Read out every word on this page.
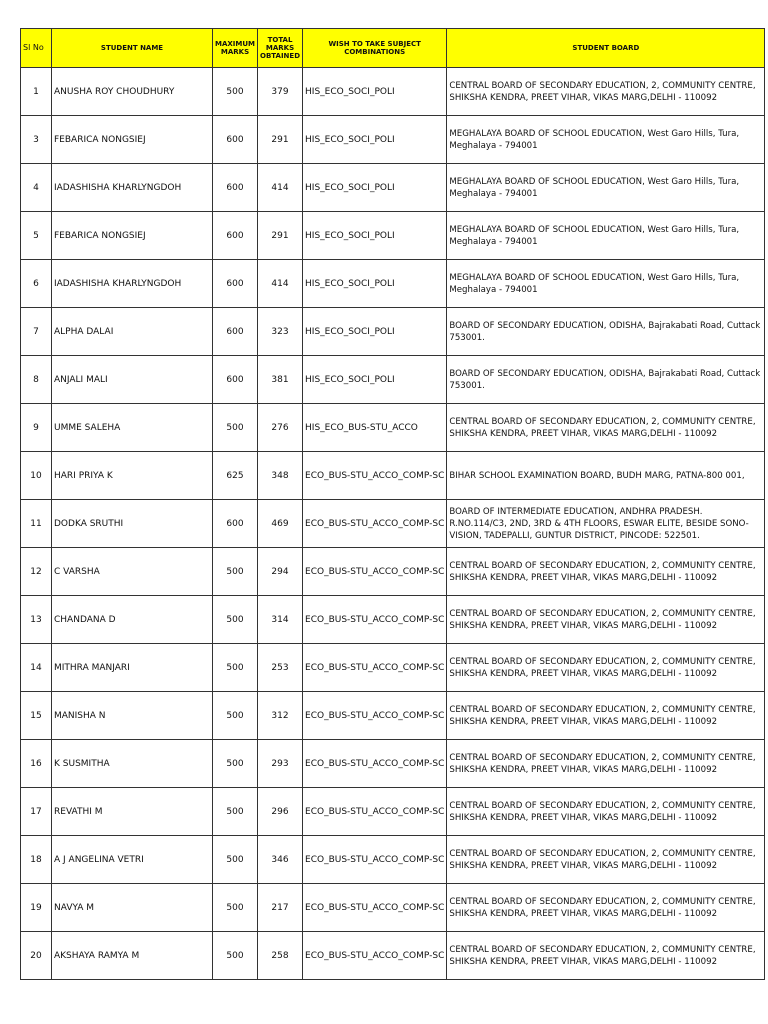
Sl No	STUDENT NAME	MAXIMUM MARKS	TOTAL MARKS OBTAINED	WISH TO TAKE SUBJECT COMBINATIONS	STUDENT BOARD
1	ANUSHA ROY CHOUDHURY	500	379	HIS_ECO_SOCI_POLI	CENTRAL BOARD OF SECONDARY EDUCATION, 2, COMMUNITY CENTRE, SHIKSHA KENDRA, PREET VIHAR, VIKAS MARG,DELHI - 110092
3	FEBARICA NONGSIEJ	600	291	HIS_ECO_SOCI_POLI	MEGHALAYA BOARD OF SCHOOL EDUCATION, West Garo Hills, Tura, Meghalaya - 794001
4	IADASHISHA KHARLYNGDOH	600	414	HIS_ECO_SOCI_POLI	MEGHALAYA BOARD OF SCHOOL EDUCATION, West Garo Hills, Tura, Meghalaya - 794001
5	FEBARICA NONGSIEJ	600	291	HIS_ECO_SOCI_POLI	MEGHALAYA BOARD OF SCHOOL EDUCATION, West Garo Hills, Tura, Meghalaya - 794001
6	IADASHISHA KHARLYNGDOH	600	414	HIS_ECO_SOCI_POLI	MEGHALAYA BOARD OF SCHOOL EDUCATION, West Garo Hills, Tura, Meghalaya - 794001
7	ALPHA DALAI	600	323	HIS_ECO_SOCI_POLI	BOARD OF SECONDARY EDUCATION, ODISHA, Bajrakabati Road, Cuttack 753001.
8	ANJALI MALI	600	381	HIS_ECO_SOCI_POLI	BOARD OF SECONDARY EDUCATION, ODISHA, Bajrakabati Road, Cuttack 753001.
9	UMME SALEHA	500	276	HIS_ECO_BUS-STU_ACCO	CENTRAL BOARD OF SECONDARY EDUCATION, 2, COMMUNITY CENTRE, SHIKSHA KENDRA, PREET VIHAR, VIKAS MARG,DELHI - 110092
10	HARI PRIYA K	625	348	ECO_BUS-STU_ACCO_COMP-SC	BIHAR SCHOOL EXAMINATION BOARD, BUDH MARG, PATNA-800 001,
11	DODKA SRUTHI	600	469	ECO_BUS-STU_ACCO_COMP-SC	BOARD OF INTERMEDIATE EDUCATION, ANDHRA PRADESH. R.NO.114/C3, 2ND, 3RD & 4TH FLOORS, ESWAR ELITE, BESIDE SONO-VISION, TADEPALLI, GUNTUR DISTRICT, PINCODE: 522501.
12	C VARSHA	500	294	ECO_BUS-STU_ACCO_COMP-SC	CENTRAL BOARD OF SECONDARY EDUCATION, 2, COMMUNITY CENTRE, SHIKSHA KENDRA, PREET VIHAR, VIKAS MARG,DELHI - 110092
13	CHANDANA D	500	314	ECO_BUS-STU_ACCO_COMP-SC	CENTRAL BOARD OF SECONDARY EDUCATION, 2, COMMUNITY CENTRE, SHIKSHA KENDRA, PREET VIHAR, VIKAS MARG,DELHI - 110092
14	MITHRA MANJARI	500	253	ECO_BUS-STU_ACCO_COMP-SC	CENTRAL BOARD OF SECONDARY EDUCATION, 2, COMMUNITY CENTRE, SHIKSHA KENDRA, PREET VIHAR, VIKAS MARG,DELHI - 110092
15	MANISHA N	500	312	ECO_BUS-STU_ACCO_COMP-SC	CENTRAL BOARD OF SECONDARY EDUCATION, 2, COMMUNITY CENTRE, SHIKSHA KENDRA, PREET VIHAR, VIKAS MARG,DELHI - 110092
16	K SUSMITHA	500	293	ECO_BUS-STU_ACCO_COMP-SC	CENTRAL BOARD OF SECONDARY EDUCATION, 2, COMMUNITY CENTRE, SHIKSHA KENDRA, PREET VIHAR, VIKAS MARG,DELHI - 110092
17	REVATHI M	500	296	ECO_BUS-STU_ACCO_COMP-SC	CENTRAL BOARD OF SECONDARY EDUCATION, 2, COMMUNITY CENTRE, SHIKSHA KENDRA, PREET VIHAR, VIKAS MARG,DELHI - 110092
18	A J ANGELINA VETRI	500	346	ECO_BUS-STU_ACCO_COMP-SC	CENTRAL BOARD OF SECONDARY EDUCATION, 2, COMMUNITY CENTRE, SHIKSHA KENDRA, PREET VIHAR, VIKAS MARG,DELHI - 110092
19	NAVYA M	500	217	ECO_BUS-STU_ACCO_COMP-SC	CENTRAL BOARD OF SECONDARY EDUCATION, 2, COMMUNITY CENTRE, SHIKSHA KENDRA, PREET VIHAR, VIKAS MARG,DELHI - 110092
20	AKSHAYA RAMYA M	500	258	ECO_BUS-STU_ACCO_COMP-SC	CENTRAL BOARD OF SECONDARY EDUCATION, 2, COMMUNITY CENTRE, SHIKSHA KENDRA, PREET VIHAR, VIKAS MARG,DELHI - 110092
